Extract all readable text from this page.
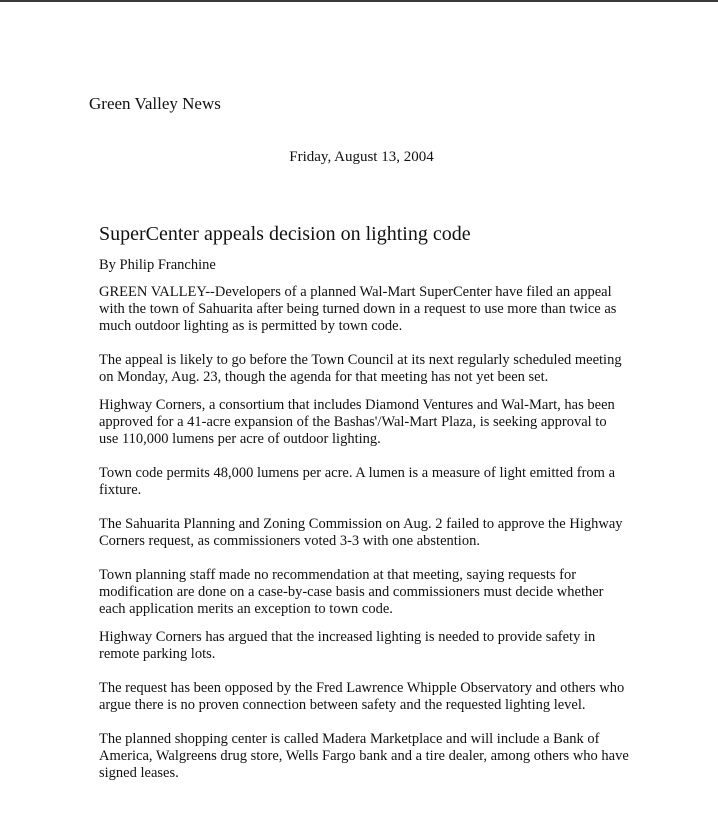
Green Valley News

Friday, August 13, 2004

SuperCenter appeals decision on lighting code

By Philip Franchine

GREEN VALLEY--Developers of a planned Wal-Mart SuperCenter have filed an appeal with the town of Sahuarita after being turned down in a request to use more than twice as much outdoor lighting as is permitted by town code.

The appeal is likely to go before the Town Council at its next regularly scheduled meeting on Monday, Aug. 23, though the agenda for that meeting has not yet been set.

Highway Corners, a consortium that includes Diamond Ventures and Wal-Mart, has been approved for a 41-acre expansion of the Bashas'/Wal-Mart Plaza, is seeking approval to use 110,000 lumens per acre of outdoor lighting.

Town code permits 48,000 lumens per acre. A lumen is a measure of light emitted from a fixture.

The Sahuarita Planning and Zoning Commission on Aug. 2 failed to approve the Highway Corners request, as commissioners voted 3-3 with one abstention.

Town planning staff made no recommendation at that meeting, saying requests for modification are done on a case-by-case basis and commissioners must decide whether each application merits an exception to town code.

Highway Corners has argued that the increased lighting is needed to provide safety in remote parking lots.

The request has been opposed by the Fred Lawrence Whipple Observatory and others who argue there is no proven connection between safety and the requested lighting level.

The planned shopping center is called Madera Marketplace and will include a Bank of America, Walgreens drug store, Wells Fargo bank and a tire dealer, among others who have signed leases.
